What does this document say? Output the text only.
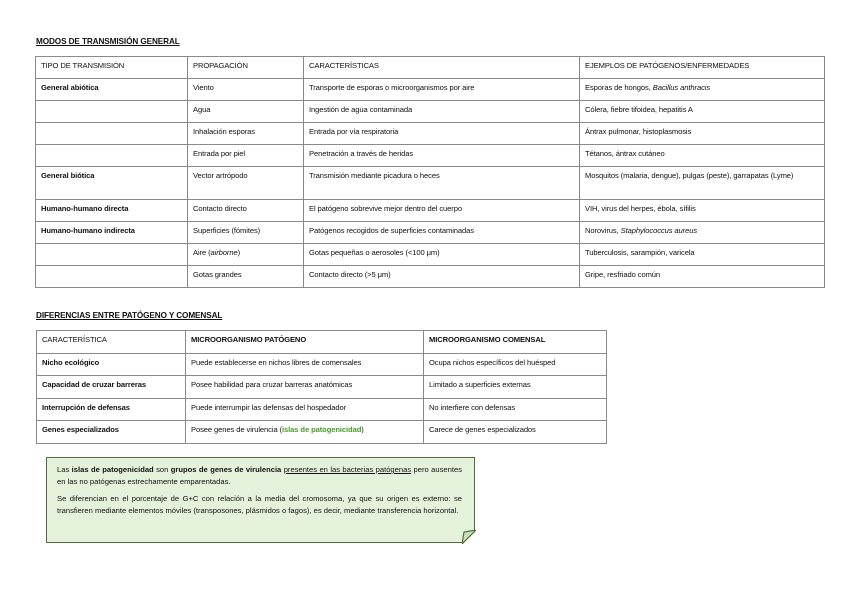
MODOS DE TRANSMISIÓN GENERAL
TIPO DE TRANSMISIÓN	PROPAGACIÓN	CARACTERÍSTICAS	EJEMPLOS DE PATÓGENOS/ENFERMEDADES
General abiótica	Viento	Transporte de esporas o microorganismos por aire	Esporas de hongos, Bacillus anthracis
	Agua	Ingestión de agua contaminada	Cólera, fiebre tifoidea, hepatitis A
	Inhalación esporas	Entrada por vía respiratoria	Ántrax pulmonar, histoplasmosis
	Entrada por piel	Penetración a través de heridas	Tétanos, ántrax cutáneo
General biótica	Vector artrópodo	Transmisión mediante picadura o heces	Mosquitos (malaria, dengue), pulgas (peste), garrapatas (Lyme)
Humano-humano directa	Contacto directo	El patógeno sobrevive mejor dentro del cuerpo	VIH, virus del herpes, ébola, sífilis
Humano-humano indirecta	Superficies (fómites)	Patógenos recogidos de superficies contaminadas	Norovirus, Staphylococcus aureus
	Aire (airborne)	Gotas pequeñas o aerosoles (<100 μm)	Tuberculosis, sarampión, varicela
	Gotas grandes	Contacto directo (>5 μm)	Gripe, resfriado común
DIFERENCIAS ENTRE PATÓGENO Y COMENSAL
CARACTERÍSTICA	MICROORGANISMO PATÓGENO	MICROORGANISMO COMENSAL
Nicho ecológico	Puede establecerse en nichos libres de comensales	Ocupa nichos específicos del huésped
Capacidad de cruzar barreras	Posee habilidad para cruzar barreras anatómicas	Limitado a superficies externas
Interrupción de defensas	Puede interrumpir las defensas del hospedador	No interfiere con defensas
Genes especializados	Posee genes de virulencia (islas de patogenicidad)	Carece de genes especializados

Las islas de patogenicidad son grupos de genes de virulencia presentes en las bacterias patógenas pero ausentes en las no patógenas estrechamente emparentadas.

Se diferencian en el porcentaje de G+C con relación a la media del cromosoma, ya que su origen es externo: se transfieren mediante elementos móviles (transposones, plásmidos o fagos), es decir, mediante transferencia horizontal.
